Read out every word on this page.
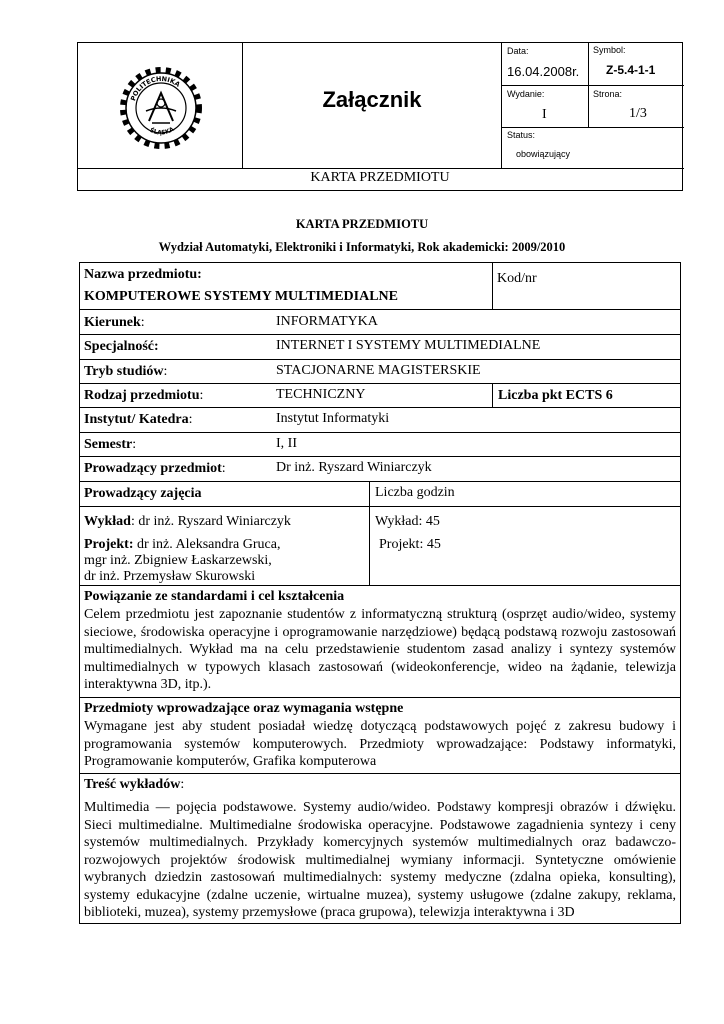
POLITECHNIKA
ŚLĄSKA
Załącznik
Data:
16.04.2008r.
Symbol:
Z-5.4-1-1
Wydanie:
I
Strona:
1/3
Status:
obowiązujący
KARTA PRZEDMIOTU
KARTA PRZEDMIOTU
Wydział Automatyki, Elektroniki i Informatyki, Rok akademicki: 2009/2010
Nazwa przedmiotu:
KOMPUTEROWE SYSTEMY MULTIMEDIALNE
Kod/nr
Kierunek:	INFORMATYKA
Specjalność:	INTERNET I SYSTEMY MULTIMEDIALNE
Tryb studiów:	STACJONARNE MAGISTERSKIE
Rodzaj przedmiotu:	TECHNICZNY	Liczba pkt ECTS 6
Instytut/ Katedra:	Instytut Informatyki
Semestr:	I, II
Prowadzący przedmiot:	Dr inż. Ryszard Winiarczyk
Prowadzący zajęcia	Liczba godzin
Wykład: dr inż. Ryszard Winiarczyk
Projekt: dr inż. Aleksandra Gruca,
mgr inż. Zbigniew Łaskarzewski,
dr inż. Przemysław Skurowski
Wykład: 45
Projekt: 45
Powiązanie ze standardami i cel kształcenia
Celem przedmiotu jest zapoznanie studentów z informatyczną strukturą (osprzęt audio/wideo, systemy sieciowe, środowiska operacyjne i oprogramowanie narzędziowe) będącą podstawą rozwoju zastosowań multimedialnych. Wykład ma na celu przedstawienie studentom zasad analizy i syntezy systemów multimedialnych w typowych klasach zastosowań (wideokonferencje, wideo na żądanie, telewizja interaktywna 3D, itp.).
Przedmioty wprowadzające oraz wymagania wstępne
Wymagane jest aby student posiadał wiedzę dotyczącą podstawowych pojęć z zakresu budowy i programowania systemów komputerowych. Przedmioty wprowadzające: Podstawy informatyki, Programowanie komputerów, Grafika komputerowa
Treść wykładów:
Multimedia — pojęcia podstawowe. Systemy audio/wideo. Podstawy kompresji obrazów i dźwięku. Sieci multimedialne. Multimedialne środowiska operacyjne. Podstawowe zagadnienia syntezy i ceny systemów multimedialnych. Przykłady komercyjnych systemów multimedialnych oraz badawczo-rozwojowych projektów środowisk multimedialnej wymiany informacji. Syntetyczne omówienie wybranych dziedzin zastosowań multimedialnych: systemy medyczne (zdalna opieka, konsulting), systemy edukacyjne (zdalne uczenie, wirtualne muzea), systemy usługowe (zdalne zakupy, reklama, biblioteki, muzea), systemy przemysłowe (praca grupowa), telewizja interaktywna i 3D
